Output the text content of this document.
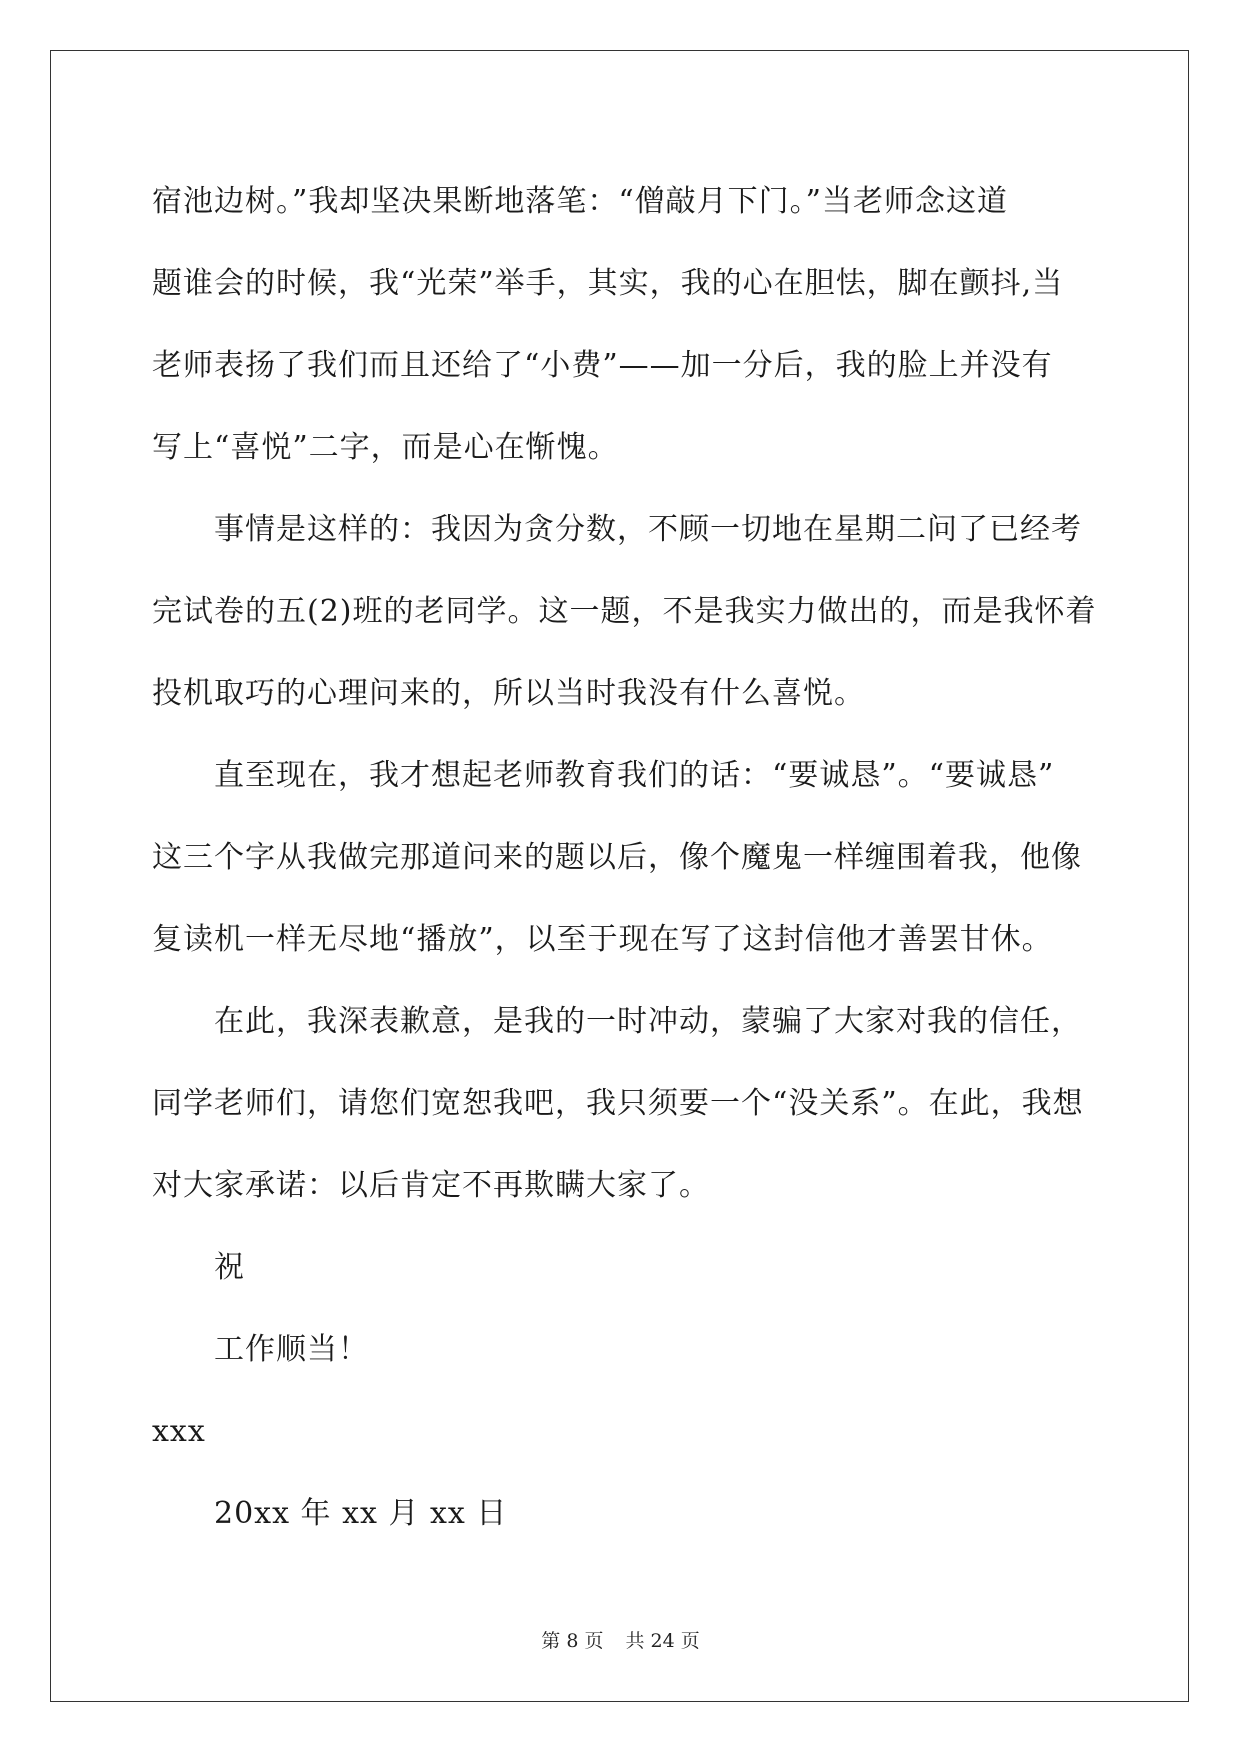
宿池边树。”我却坚决果断地落笔：“僧敲月下门。”当老师念这道
题谁会的时候，我“光荣”举手，其实，我的心在胆怯，脚在颤抖,当
老师表扬了我们而且还给了“小费”——加一分后，我的脸上并没有
写上“喜悦”二字，而是心在惭愧。
事情是这样的：我因为贪分数，不顾一切地在星期二问了已经考
完试卷的五(2)班的老同学。这一题，不是我实力做出的，而是我怀着
投机取巧的心理问来的，所以当时我没有什么喜悦。
直至现在，我才想起老师教育我们的话：“要诚恳”。“要诚恳”
这三个字从我做完那道问来的题以后，像个魔鬼一样缠围着我，他像
复读机一样无尽地“播放”，以至于现在写了这封信他才善罢甘休。
在此，我深表歉意，是我的一时冲动，蒙骗了大家对我的信任，
同学老师们，请您们宽恕我吧，我只须要一个“没关系”。在此，我想
对大家承诺：以后肯定不再欺瞒大家了。
祝
工作顺当！
xxx
20xx 年 xx 月 xx 日
第 8 页 共 24 页
